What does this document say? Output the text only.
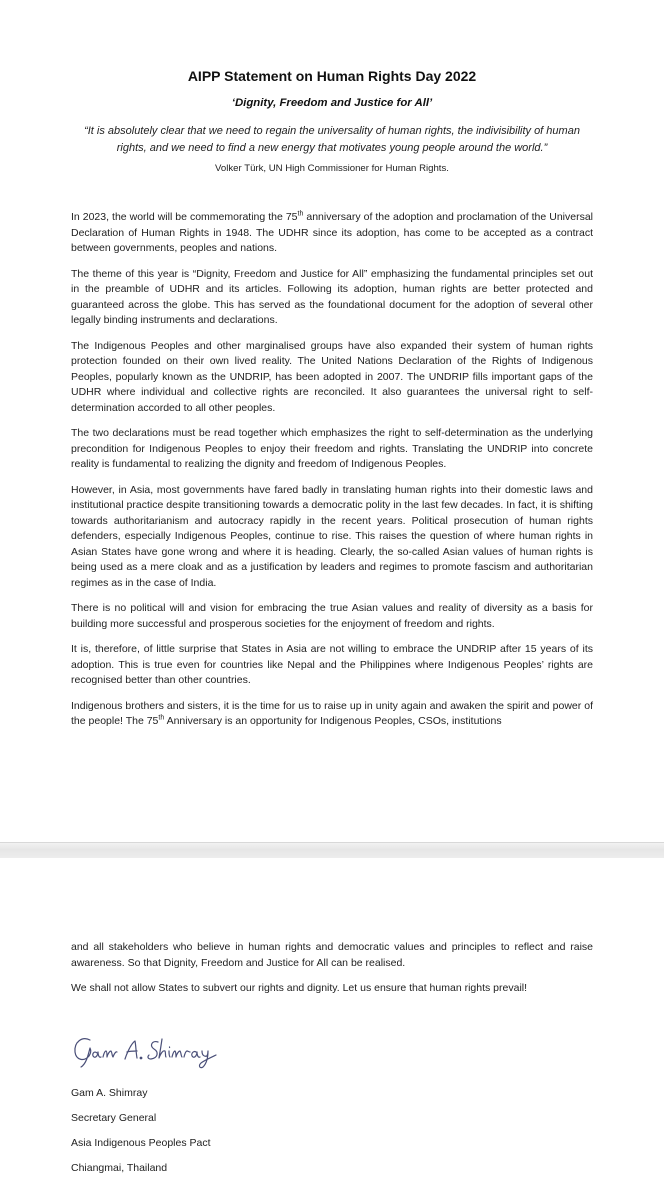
AIPP Statement on Human Rights Day 2022
‘Dignity, Freedom and Justice for All’

“It is absolutely clear that we need to regain the universality of human rights, the indivisibility of human rights, and we need to find a new energy that motivates young people around the world.”

Volker Türk, UN High Commissioner for Human Rights.

In 2023, the world will be commemorating the 75th anniversary of the adoption and proclamation of the Universal Declaration of Human Rights in 1948. The UDHR since its adoption, has come to be accepted as a contract between governments, peoples and nations.

The theme of this year is “Dignity, Freedom and Justice for All” emphasizing the fundamental principles set out in the preamble of UDHR and its articles. Following its adoption, human rights are better protected and guaranteed across the globe. This has served as the foundational document for the adoption of several other legally binding instruments and declarations.

The Indigenous Peoples and other marginalised groups have also expanded their system of human rights protection founded on their own lived reality. The United Nations Declaration of the Rights of Indigenous Peoples, popularly known as the UNDRIP, has been adopted in 2007. The UNDRIP fills important gaps of the UDHR where individual and collective rights are reconciled. It also guarantees the universal right to self-determination accorded to all other peoples.

The two declarations must be read together which emphasizes the right to self-determination as the underlying precondition for Indigenous Peoples to enjoy their freedom and rights. Translating the UNDRIP into concrete reality is fundamental to realizing the dignity and freedom of Indigenous Peoples.

However, in Asia, most governments have fared badly in translating human rights into their domestic laws and institutional practice despite transitioning towards a democratic polity in the last few decades. In fact, it is shifting towards authoritarianism and autocracy rapidly in the recent years. Political prosecution of human rights defenders, especially Indigenous Peoples, continue to rise. This raises the question of where human rights in Asian States have gone wrong and where it is heading. Clearly, the so-called Asian values of human rights is being used as a mere cloak and as a justification by leaders and regimes to promote fascism and authoritarian regimes as in the case of India.

There is no political will and vision for embracing the true Asian values and reality of diversity as a basis for building more successful and prosperous societies for the enjoyment of freedom and rights.

It is, therefore, of little surprise that States in Asia are not willing to embrace the UNDRIP after 15 years of its adoption. This is true even for countries like Nepal and the Philippines where Indigenous Peoples’ rights are recognised better than other countries.

Indigenous brothers and sisters, it is the time for us to raise up in unity again and awaken the spirit and power of the people! The 75th Anniversary is an opportunity for Indigenous Peoples, CSOs, institutions

and all stakeholders who believe in human rights and democratic values and principles to reflect and raise awareness. So that Dignity, Freedom and Justice for All can be realised.

We shall not allow States to subvert our rights and dignity. Let us ensure that human rights prevail!

Gam A. Shimray
Secretary General
Asia Indigenous Peoples Pact
Chiangmai, Thailand
